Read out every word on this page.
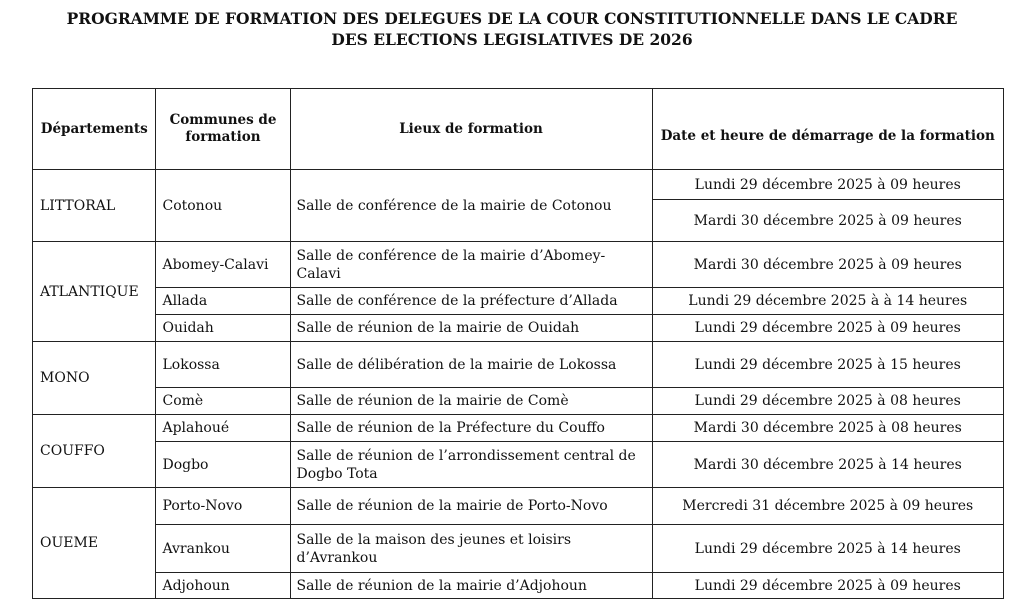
PROGRAMME DE FORMATION DES DELEGUES DE LA COUR CONSTITUTIONNELLE DANS LE CADRE
DES ELECTIONS LEGISLATIVES DE 2026
Départements	Communes de formation	Lieux de formation	Date et heure de démarrage de la formation
LITTORAL	Cotonou	Salle de conférence de la mairie de Cotonou	Lundi 29 décembre 2025 à 09 heures
			Mardi 30 décembre 2025 à 09 heures
ATLANTIQUE	Abomey-Calavi	Salle de conférence de la mairie d’Abomey-Calavi	Mardi 30 décembre 2025 à 09 heures
	Allada	Salle de conférence de la préfecture d’Allada	Lundi 29 décembre 2025 à à 14 heures
	Ouidah	Salle de réunion de la mairie de Ouidah	Lundi 29 décembre 2025 à 09 heures
MONO	Lokossa	Salle de délibération de la mairie de Lokossa	Lundi 29 décembre 2025 à 15 heures
	Comè	Salle de réunion de la mairie de Comè	Lundi 29 décembre 2025 à 08 heures
COUFFO	Aplahoué	Salle de réunion de la Préfecture du Couffo	Mardi 30 décembre 2025 à 08 heures
	Dogbo	Salle de réunion de l’arrondissement central de Dogbo Tota	Mardi 30 décembre 2025 à 14 heures
OUEME	Porto-Novo	Salle de réunion de la mairie de Porto-Novo	Mercredi 31 décembre 2025 à 09 heures
	Avrankou	Salle de la maison des jeunes et loisirs d’Avrankou	Lundi 29 décembre 2025 à 14 heures
	Adjohoun	Salle de réunion de la mairie d’Adjohoun	Lundi 29 décembre 2025 à 09 heures
